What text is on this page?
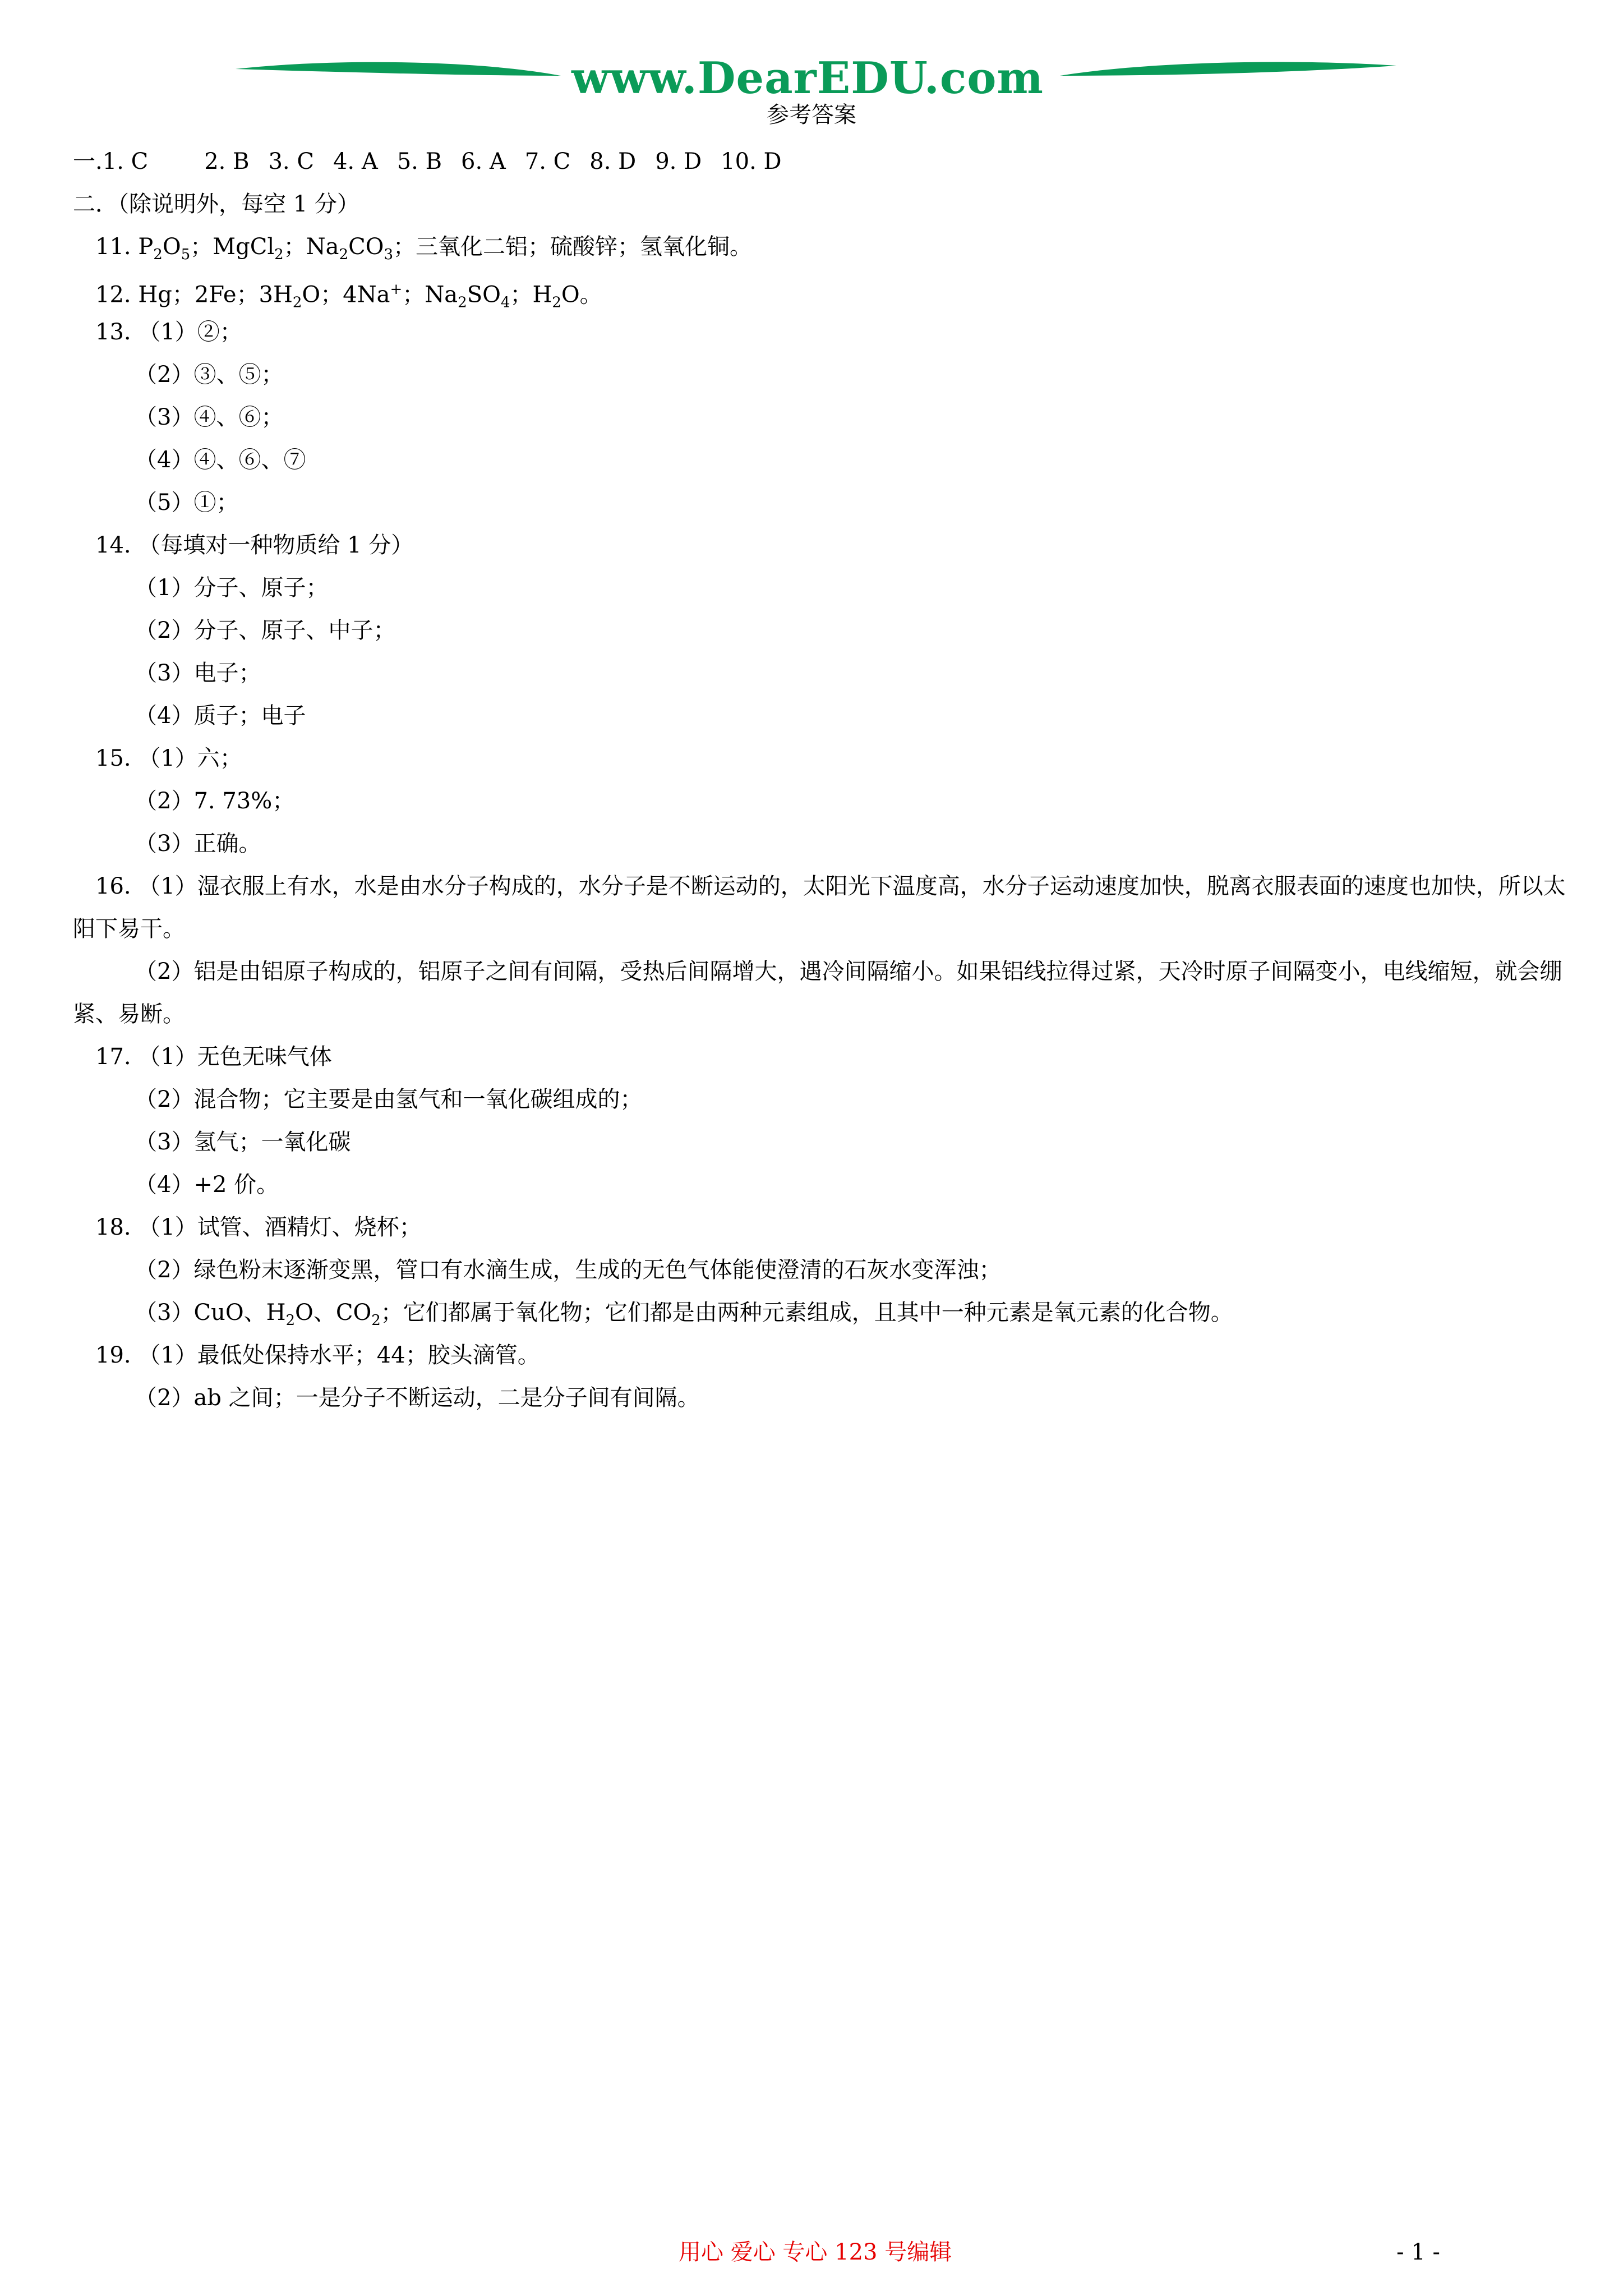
www.DearEDU.com
参考答案
一.1. C	2. B 3. C 4. A 5. B 6. A 7. C 8. D 9. D 10. D
二．（除说明外，每空 1 分）
11. $P_2O_5$；MgCl$_2$；$Na_2CO_3$；三氧化二铝；硫酸锌；氢氧化铜。
12. Hg；2Fe；$3H_2O$；4Na+；$Na_2SO_4$；$H_2O$。
13. （1）②；
（2）③、⑤；
（3）④、⑥；
（4）④、⑥、⑦
（5）①；
14. （每填对一种物质给 1 分）
（1）分子、原子；
（2）分子、原子、中子；
（3）电子；
（4）质子；电子
15. （1）六；
（2）7. 73%；
（3）正确。
16. （1）湿衣服上有水，水是由水分子构成的，水分子是不断运动的，太阳光下温度高，水分子运动速度加快，脱离衣服表面的速度也加快，所以太阳下易干。
（2）铝是由铝原子构成的，铝原子之间有间隔，受热后间隔增大，遇冷间隔缩小。如果铝线拉得过紧，天冷时原子间隔变小，电线缩短，就会绷紧、易断。
17. （1）无色无味气体
（2）混合物；它主要是由氢气和一氧化碳组成的；
（3）氢气；一氧化碳
（4）+2 价。
18. （1）试管、酒精灯、烧杯；
（2）绿色粉末逐渐变黑，管口有水滴生成，生成的无色气体能使澄清的石灰水变浑浊；
（3）CuO、$H_2O$、$CO_2$；它们都属于氧化物；它们都是由两种元素组成，且其中一种元素是氧元素的化合物。
19. （1）最低处保持水平；44；胶头滴管。
（2）ab 之间；一是分子不断运动，二是分子间有间隔。
用心 爱心 专心 123 号编辑	- 1 -
